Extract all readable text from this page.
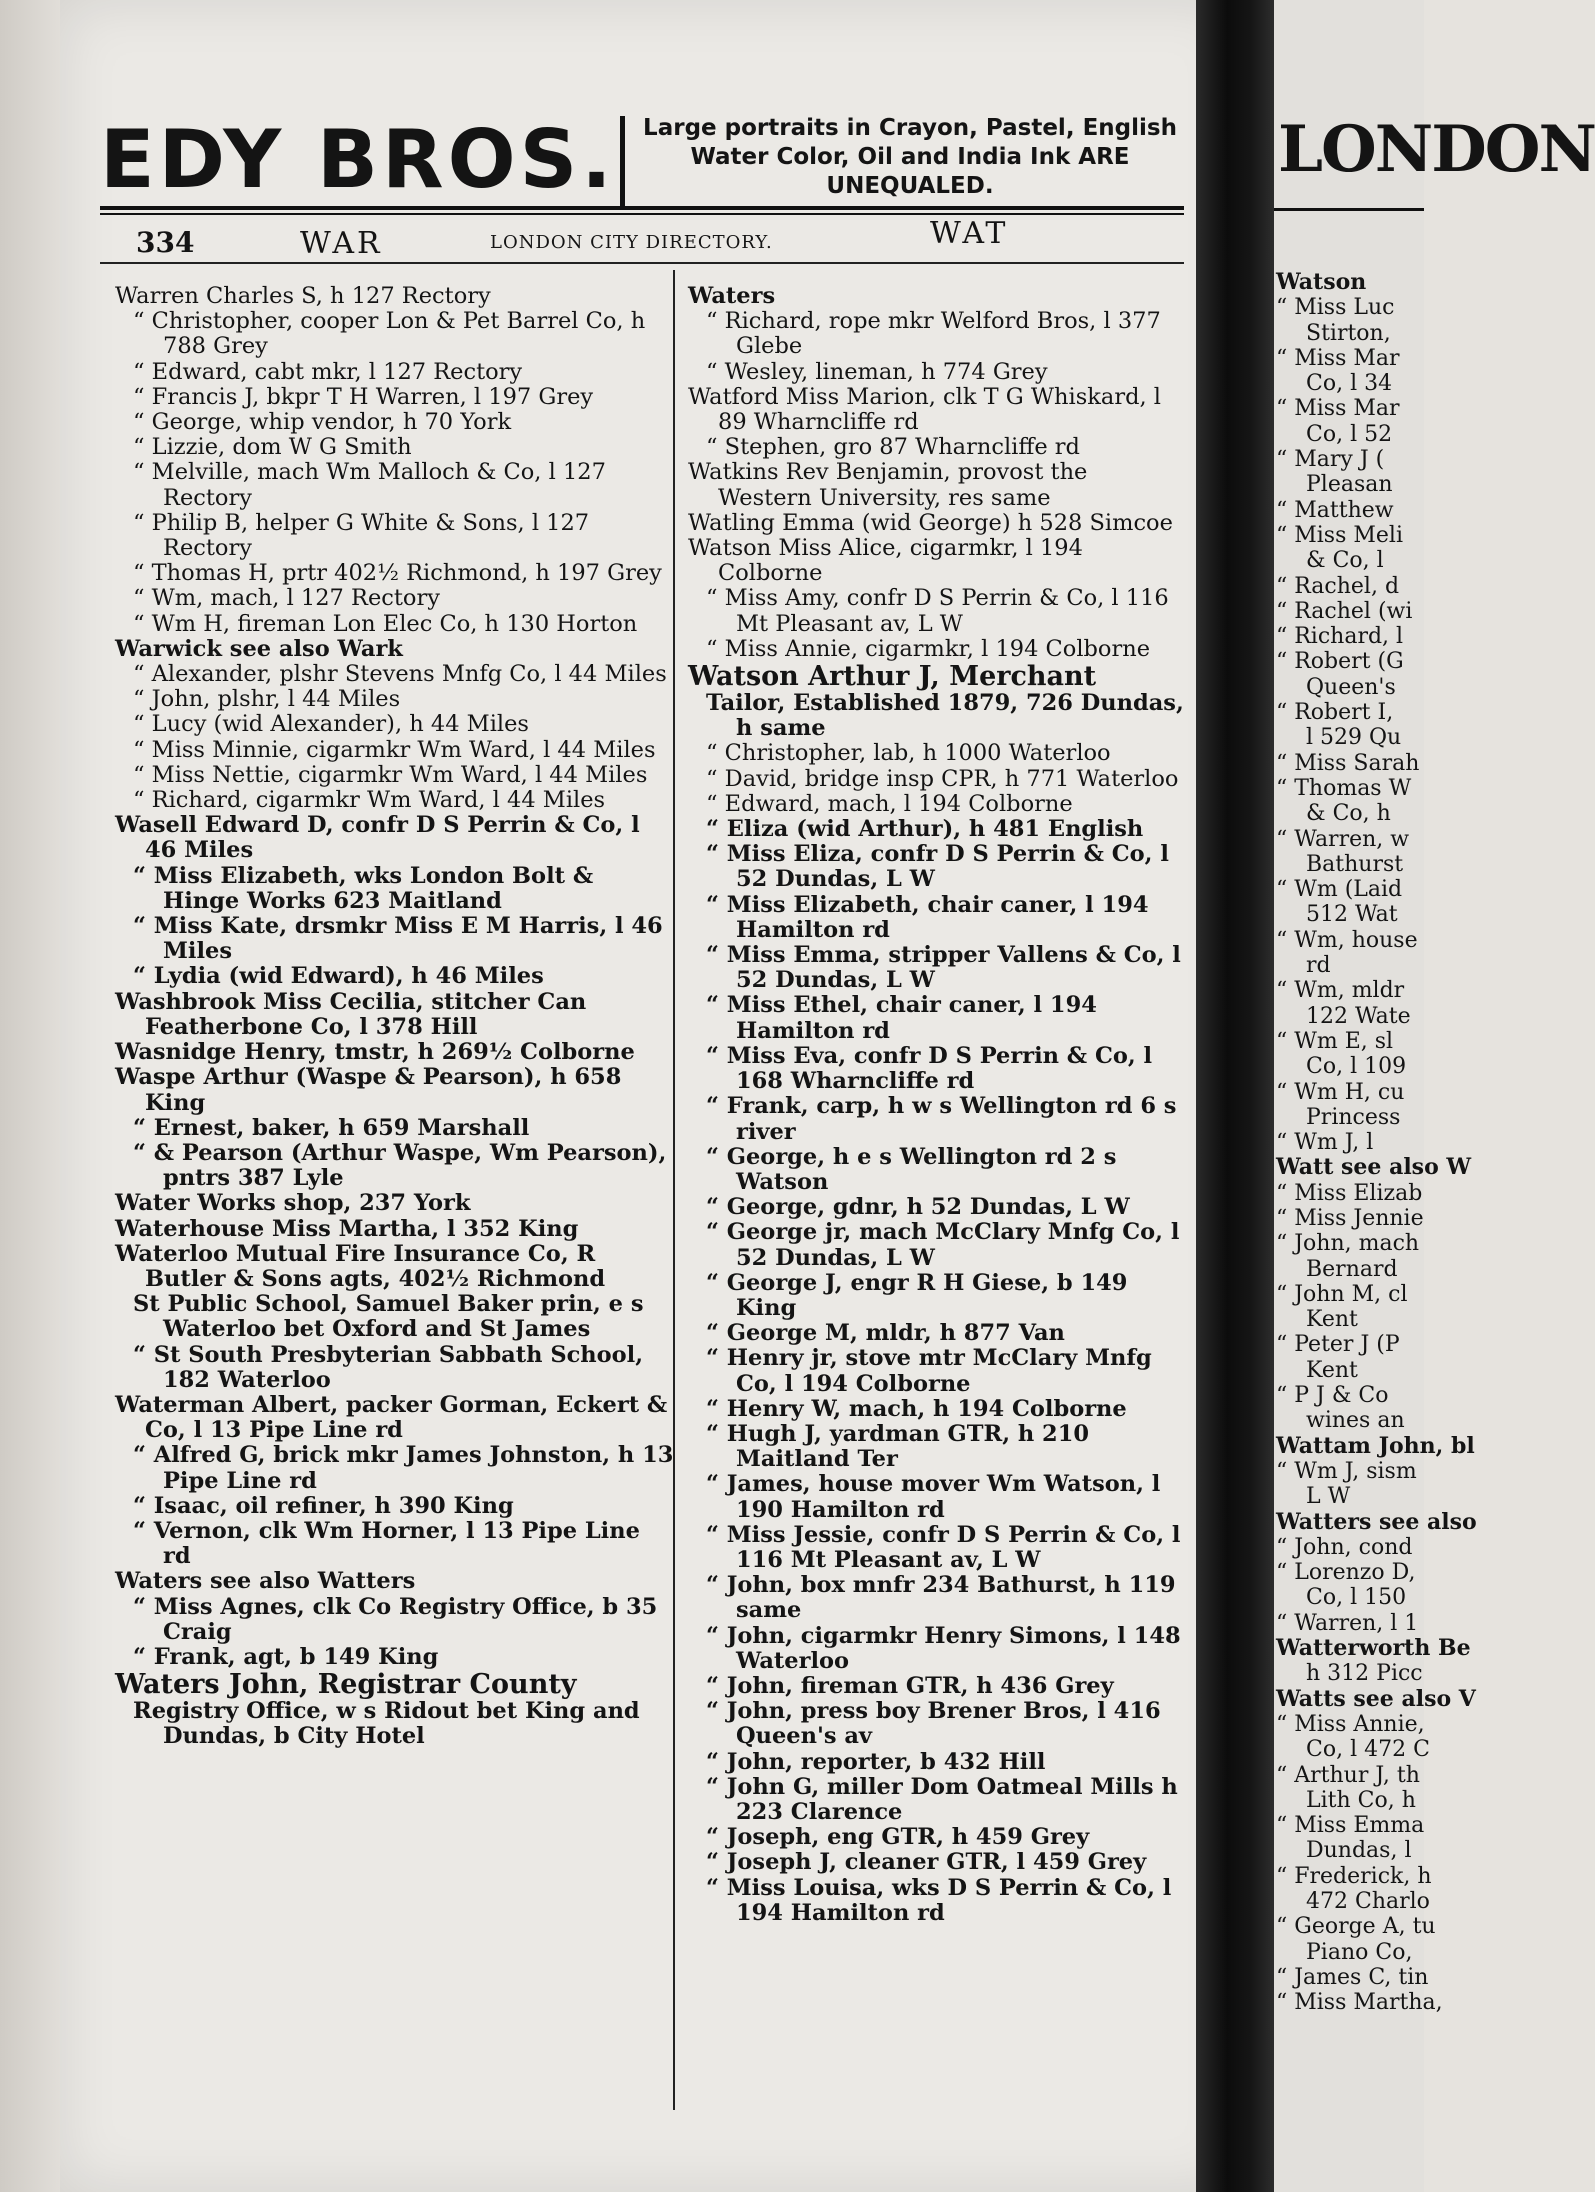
EDY BROS. Large portraits in Crayon, Pastel, English Water Color, Oil and India Ink ARE UNEQUALED.
334	WAR	LONDON CITY DIRECTORY.	WAT
Warren Charles S, h 127 Rectory
“ Christopher, cooper Lon & Pet Barrel Co, h 788 Grey
“ Edward, cabt mkr, l 127 Rectory
“ Francis J, bkpr T H Warren, l 197 Grey
“ George, whip vendor, h 70 York
“ Lizzie, dom W G Smith
“ Melville, mach Wm Malloch & Co, l 127 Rectory
“ Philip B, helper G White & Sons, l 127 Rectory
“ Thomas H, prtr 402½ Richmond, h 197 Grey
“ Wm, mach, l 127 Rectory
“ Wm H, fireman Lon Elec Co, h 130 Horton
Warwick see also Wark
“ Alexander, plshr Stevens Mnfg Co, l 44 Miles
“ John, plshr, l 44 Miles
“ Lucy (wid Alexander), h 44 Miles
“ Miss Minnie, cigarmkr Wm Ward, l 44 Miles
“ Miss Nettie, cigarmkr Wm Ward, l 44 Miles
“ Richard, cigarmkr Wm Ward, l 44 Miles
Wasell Edward D, confr D S Perrin & Co, l 46 Miles
“ Miss Elizabeth, wks London Bolt & Hinge Works 623 Maitland
“ Miss Kate, drsmkr Miss E M Harris, l 46 Miles
“ Lydia (wid Edward), h 46 Miles
Washbrook Miss Cecilia, stitcher Can Featherbone Co, l 378 Hill
Wasnidge Henry, tmstr, h 269½ Colborne
Waspe Arthur (Waspe & Pearson), h 658 King
“ Ernest, baker, h 659 Marshall
“ & Pearson (Arthur Waspe, Wm Pearson), pntrs 387 Lyle
Water Works shop, 237 York
Waterhouse Miss Martha, l 352 King
Waterloo Mutual Fire Insurance Co, R Butler & Sons agts, 402½ Richmond
St Public School, Samuel Baker prin, e s Waterloo bet Oxford and St James
“ St South Presbyterian Sabbath School, 182 Waterloo
Waterman Albert, packer Gorman, Eckert & Co, l 13 Pipe Line rd
“ Alfred G, brick mkr James Johnston, h 13 Pipe Line rd
“ Isaac, oil refiner, h 390 King
“ Vernon, clk Wm Horner, l 13 Pipe Line rd
Waters see also Watters
“ Miss Agnes, clk Co Registry Office, b 35 Craig
“ Frank, agt, b 149 King
Waters John, Registrar County
Registry Office, w s Ridout bet King and Dundas, b City Hotel
Waters
“ Richard, rope mkr Welford Bros, l 377 Glebe
“ Wesley, lineman, h 774 Grey
Watford Miss Marion, clk T G Whiskard, l 89 Wharncliffe rd
“ Stephen, gro 87 Wharncliffe rd
Watkins Rev Benjamin, provost the Western University, res same
Watling Emma (wid George) h 528 Simcoe
Watson Miss Alice, cigarmkr, l 194 Colborne
“ Miss Amy, confr D S Perrin & Co, l 116 Mt Pleasant av, L W
“ Miss Annie, cigarmkr, l 194 Colborne
Watson Arthur J, Merchant
Tailor, Established 1879, 726 Dundas, h same
“ Christopher, lab, h 1000 Waterloo
“ David, bridge insp CPR, h 771 Waterloo
“ Edward, mach, l 194 Colborne
“ Eliza (wid Arthur), h 481 English
“ Miss Eliza, confr D S Perrin & Co, l 52 Dundas, L W
“ Miss Elizabeth, chair caner, l 194 Hamilton rd
“ Miss Emma, stripper Vallens & Co, l 52 Dundas, L W
“ Miss Ethel, chair caner, l 194 Hamilton rd
“ Miss Eva, confr D S Perrin & Co, l 168 Wharncliffe rd
“ Frank, carp, h w s Wellington rd 6 s river
“ George, h e s Wellington rd 2 s Watson
“ George, gdnr, h 52 Dundas, L W
“ George jr, mach McClary Mnfg Co, l 52 Dundas, L W
“ George J, engr R H Giese, b 149 King
“ George M, mldr, h 877 Van
“ Henry jr, stove mtr McClary Mnfg Co, l 194 Colborne
“ Henry W, mach, h 194 Colborne
“ Hugh J, yardman GTR, h 210 Maitland Ter
“ James, house mover Wm Watson, l 190 Hamilton rd
“ Miss Jessie, confr D S Perrin & Co, l 116 Mt Pleasant av, L W
“ John, box mnfr 234 Bathurst, h 119 same
“ John, cigarmkr Henry Simons, l 148 Waterloo
“ John, fireman GTR, h 436 Grey
“ John, press boy Brener Bros, l 416 Queen's av
“ John, reporter, b 432 Hill
“ John G, miller Dom Oatmeal Mills h 223 Clarence
“ Joseph, eng GTR, h 459 Grey
“ Joseph J, cleaner GTR, l 459 Grey
“ Miss Louisa, wks D S Perrin & Co, l 194 Hamilton rd
LONDON
Watson
“ Miss Luc
Stirton,
“ Miss Mar
Co, l 34
“ Miss Mar
Co, l 52
“ Mary J (
Pleasan
“ Matthew
“ Miss Meli
& Co, l
“ Rachel, d
“ Rachel (wi
“ Richard, l
“ Robert (G
Queen's
“ Robert I,
l 529 Qu
“ Miss Sarah
“ Thomas W
& Co, h
“ Warren, w
Bathurst
“ Wm (Laid
512 Wat
“ Wm, house
rd
“ Wm, mldr
122 Wate
“ Wm E, sl
Co, l 109
“ Wm H, cu
Princess
“ Wm J, l
Watt see also W
“ Miss Elizab
“ Miss Jennie
“ John, mach
Bernard
“ John M, cl
Kent
“ Peter J (P
Kent
“ P J & Co
wines an
Wattam John, bl
“ Wm J, sism
L W
Watters see also
“ John, cond
“ Lorenzo D,
Co, l 150
“ Warren, l 1
Watterworth Be
h 312 Picc
Watts see also V
“ Miss Annie,
Co, l 472 C
“ Arthur J, th
Lith Co, h
“ Miss Emma
Dundas, l
“ Frederick, h
472 Charlo
“ George A, tu
Piano Co,
“ James C, tin
“ Miss Martha,
